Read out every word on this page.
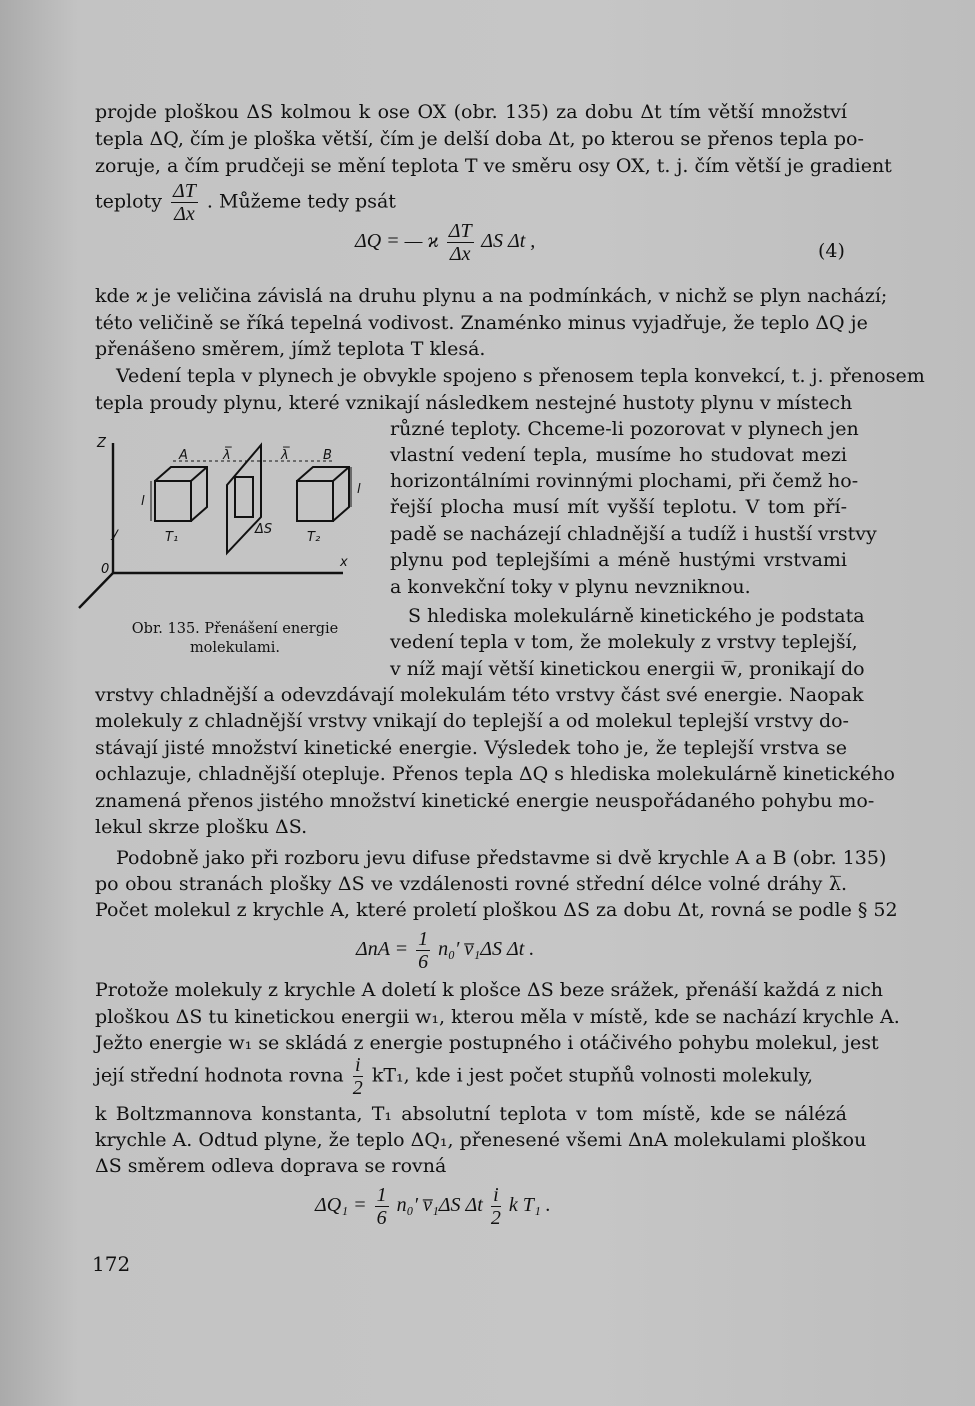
projde ploškou ΔS kolmou k ose OX (obr. 135) za dobu Δt tím větší množství
tepla ΔQ, čím je ploška větší, čím je delší doba Δt, po kterou se přenos tepla po-
zoruje, a čím prudčeji se mění teplota T ve směru osy OX, t. j. čím větší je gradient
teploty $\frac{\Delta T}{\Delta x}$ . Můžeme tedy psát
ΔQ = — ϰ $\frac{\Delta T}{\Delta x}$ ΔS Δt ,	(4)
kde ϰ je veličina závislá na druhu plynu a na podmínkách, v nichž se plyn nachází;
této veličině se říká tepelná vodivost. Znaménko minus vyjadřuje, že teplo ΔQ je
přenášeno směrem, jímž teplota T klesá.
Vedení tepla v plynech je obvykle spojeno s přenosem tepla konvekcí, t. j. přenosem
tepla proudy plynu, které vznikají následkem nestejné hustoty plynu v místech
různé teploty. Chceme-li pozorovat v plynech jen
vlastní vedení tepla, musíme ho studovat mezi
horizontálními rovinnými plochami, při čemž ho-
řejší plocha musí mít vyšší teplotu. V tom pří-
padě se nacházejí chladnější a tudíž i hustší vrstvy
plynu pod teplejšími a méně hustými vrstvami
a konvekční toky v plynu nevzniknou.
S hlediska molekulárně kinetického je podstata
vedení tepla v tom, že molekuly z vrstvy teplejší,
v níž mají větší kinetickou energii w̅, pronikají do
Z
0
y
x
A	B
λ̅	λ̅
l
l
T₁	T₂
ΔS
Obr. 135. Přenášení energie
molekulami.
vrstvy chladnější a odevzdávají molekulám této vrstvy část své energie. Naopak
molekuly z chladnější vrstvy vnikají do teplejší a od molekul teplejší vrstvy do-
stávají jisté množství kinetické energie. Výsledek toho je, že teplejší vrstva se
ochlazuje, chladnější otepluje. Přenos tepla ΔQ s hlediska molekulárně kinetického
znamená přenos jistého množství kinetické energie neuspořádaného pohybu mo-
lekul skrze plošku ΔS.
Podobně jako při rozboru jevu difuse představme si dvě krychle A a B (obr. 135)
po obou stranách plošky ΔS ve vzdálenosti rovné střední délce volné dráhy λ̅.
Počet molekul z krychle A, které proletí ploškou ΔS za dobu Δt, rovná se podle § 52
$\Delta nA = \frac{1}{6} n_0'$ v̅₁ΔS Δt .
Protože molekuly z krychle A doletí k plošce ΔS beze srážek, přenáší každá z nich
ploškou ΔS tu kinetickou energii w₁, kterou měla v místě, kde se nachází krychle A.
Ježto energie w₁ se skládá z energie postupného i otáčivého pohybu molekul, jest
její střední hodnota rovna $\frac{i}{2} kT_1$, kde i jest počet stupňů volnosti molekuly,
k Boltzmannova konstanta, T₁ absolutní teplota v tom místě, kde se nálézá
krychle A. Odtud plyne, že teplo ΔQ₁, přenesené všemi ΔnA molekulami ploškou
ΔS směrem odleva doprava se rovná
$\Delta Q_1 = \frac{1}{6} n_0'$ v̅₁ΔS Δt $\frac{i}{2}$ k T₁ .
172
